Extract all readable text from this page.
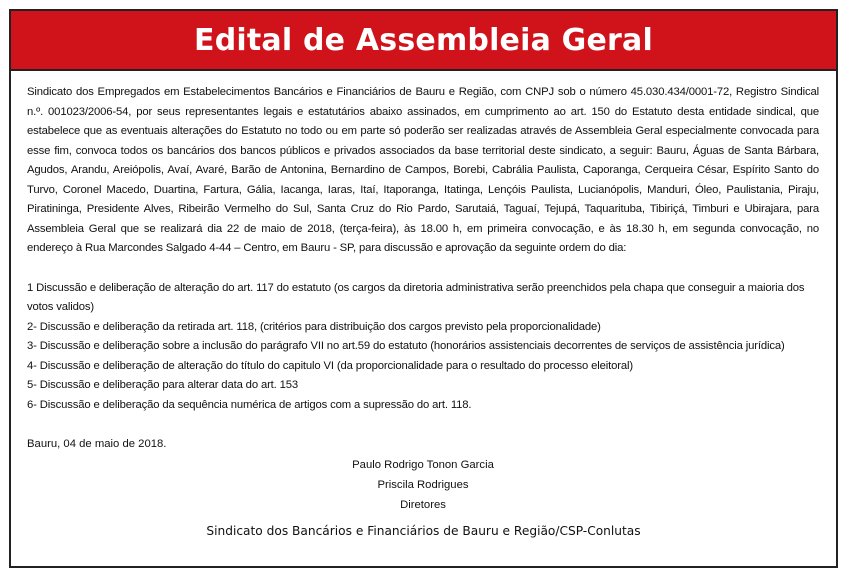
Edital de Assembleia Geral

Sindicato dos Empregados em Estabelecimentos Bancários e Financiários de Bauru e Região, com CNPJ sob o número 45.030.434/0001-72, Registro Sindical n.º. 001023/2006-54, por seus representantes legais e estatutários abaixo assinados, em cumprimento ao art. 150 do Estatuto desta entidade sindical, que estabelece que as eventuais alterações do Estatuto no todo ou em parte só poderão ser realizadas através de Assembleia Geral especialmente convocada para esse fim, convoca todos os bancários dos bancos públicos e privados associados da base territorial deste sindicato, a seguir: Bauru, Águas de Santa Bárbara, Agudos, Arandu, Areiópolis, Avaí, Avaré, Barão de Antonina, Bernardino de Campos, Borebi, Cabrália Paulista, Caporanga, Cerqueira César, Espírito Santo do Turvo, Coronel Macedo, Duartina, Fartura, Gália, Iacanga, Iaras, Itaí, Itaporanga, Itatinga, Lençóis Paulista, Lucianópolis, Manduri, Óleo, Paulistania, Piraju, Piratininga, Presidente Alves, Ribeirão Vermelho do Sul, Santa Cruz do Rio Pardo, Sarutaiá, Taguaí, Tejupá, Taquarituba, Tibiriçá, Timburi e Ubirajara, para Assembleia Geral que se realizará dia 22 de maio de 2018, (terça-feira), às 18.00 h, em primeira convocação, e às 18.30 h, em segunda convocação, no endereço à Rua Marcondes Salgado 4-44 – Centro, em Bauru - SP, para discussão e aprovação da seguinte ordem do dia:

1 Discussão e deliberação de alteração do art. 117 do estatuto (os cargos da diretoria administrativa serão preenchidos pela chapa que conseguir a maioria dos votos validos)
2- Discussão e deliberação da retirada art. 118, (critérios para distribuição dos cargos previsto pela proporcionalidade)
3- Discussão e deliberação sobre a inclusão do parágrafo VII no art.59 do estatuto (honorários assistenciais decorrentes de serviços de assistência jurídica)
4- Discussão e deliberação de alteração do título do capitulo VI (da proporcionalidade para o resultado do processo eleitoral)
5- Discussão e deliberação para alterar data do art. 153
6- Discussão e deliberação da sequência numérica de artigos com a supressão do art. 118.
Bauru, 04 de maio de 2018.
Paulo Rodrigo Tonon Garcia
Priscila Rodrigues
Diretores
Sindicato dos Bancários e Financiários de Bauru e Região/CSP-Conlutas
